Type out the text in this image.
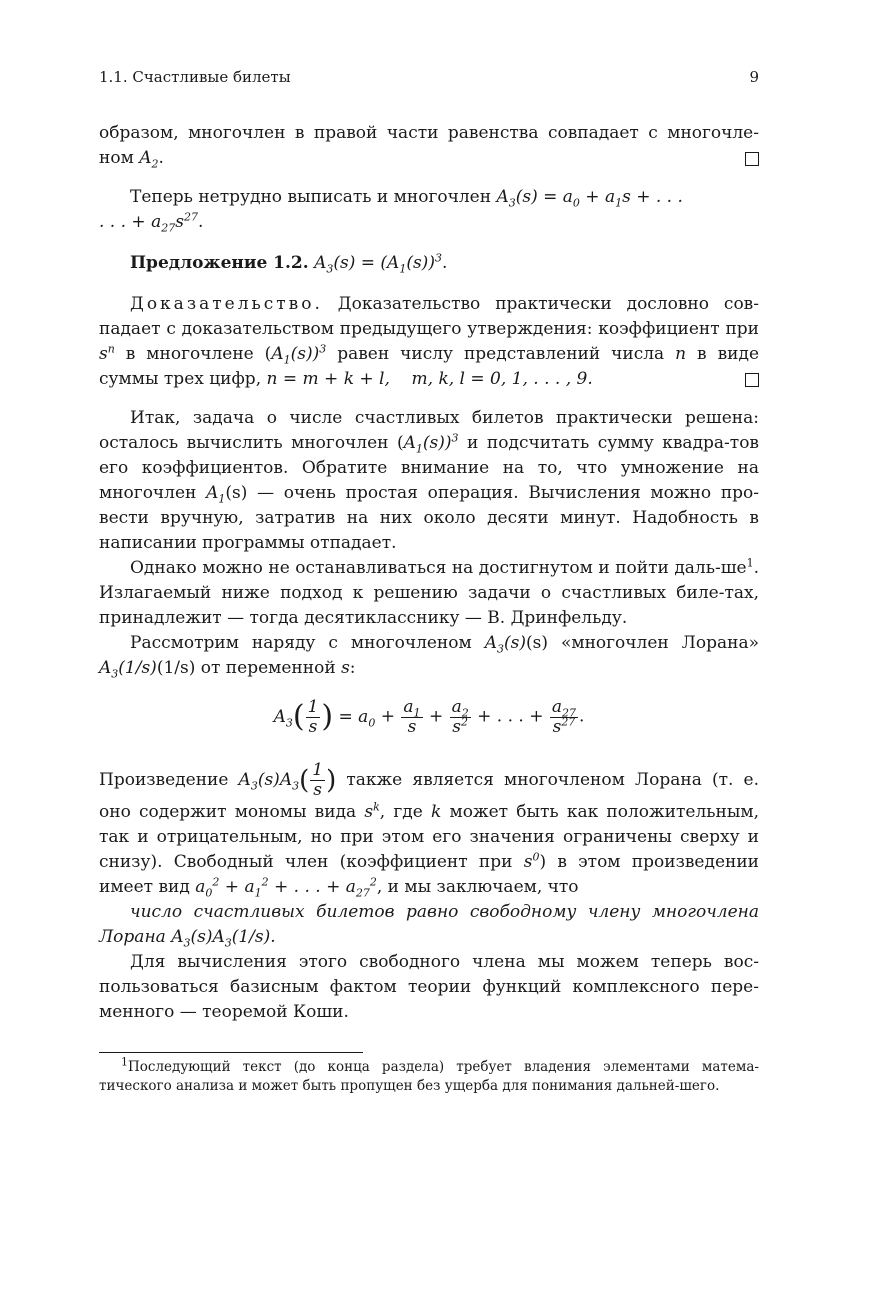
1.1. Счастливые билеты	9

образом, многочлен в правой части равенства совпадает с многочле-ном $A_2$.

Теперь нетрудно выписать и многочлен $A_3(s) = a_0 + a_1s$ + . . .
. . . + $a_{27}s^{27}$.

Предложение 1.2. $A_3(s) = (A_1(s))^3$.

Доказательство. Доказательство практически дословно сов-падает с доказательством предыдущего утверждения: коэффициент при $s^n$ в многочлене $(A_1(s))^3$ равен числу представлений числа n в виде суммы трех цифр, n = m + k + l, m, k, l = 0, 1, . . . , 9.

Итак, задача о числе счастливых билетов практически решена: осталось вычислить многочлен $(A_1(s))^3$ и подсчитать сумму квадра-тов его коэффициентов. Обратите внимание на то, что умножение на многочлен $A_1(s)$ — очень простая операция. Вычисления можно про-вести вручную, затратив на них около десяти минут. Надобность в написании программы отпадает.

Однако можно не останавливаться на достигнутом и пойти даль-$ше^1$. Излагаемый ниже подход к решению задачи о счастливых биле-тах, принадлежит — тогда десятикласснику — В. Дринфельду.

Рассмотрим наряду с многочленом $A_3(s)(s)$ «многочлен Лорана» $A_3(1/s)(1/s)$ от переменной s:

$A_3( \frac{1}{s}$ ) = $a_0 + \frac{a_1}{s} + \frac{a_2}{s^2}$ + . . . + $\frac{a_{27}}{s^{27}}$ .

Произведение $A_3(s)A_3( \frac{1}{s}$ ) также является многочленом Лорана (т. е. оно содержит мономы вида $s^k$, где k может быть как положительным, так и отрицательным, но при этом его значения ограничены сверху и снизу). Свободный член (коэффициент при $s^0$) в этом произведении имеет вид $a_0^2 + a_1^2$ + . . . + $a_{27}^2$, и мы заключаем, что

число счастливых билетов равно свободному члену многочлена Лорана $A_3(s)A_3(1/s)$.

Для вычисления этого свободного члена мы можем теперь вос-пользоваться базисным фактом теории функций комплексного пере-менного — теоремой Коши.

$^1$Последующий текст (до конца раздела) требует владения элементами матема-тического анализа и может быть пропущен без ущерба для понимания дальней-шего.
